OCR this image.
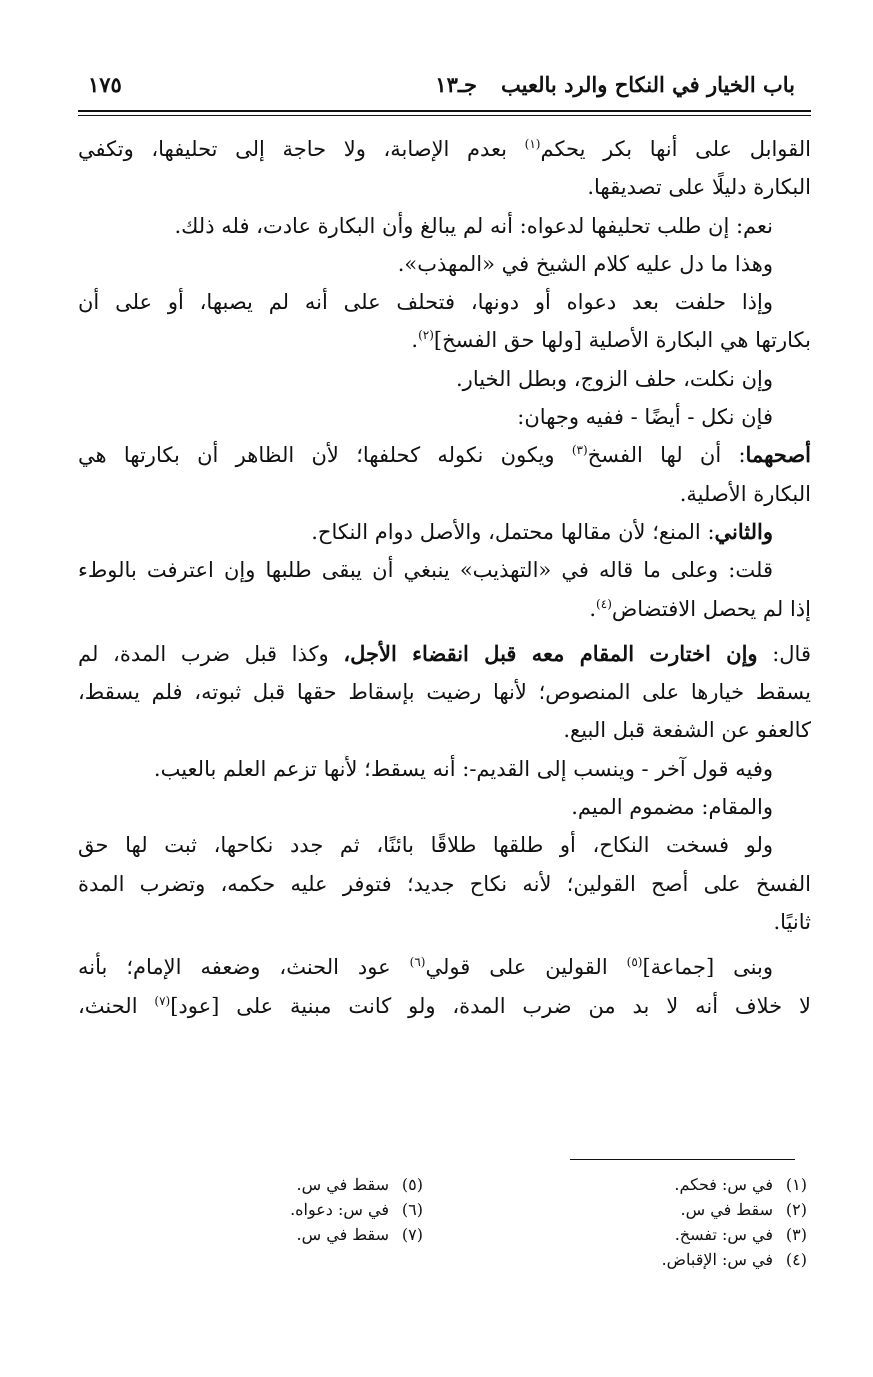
باب الخيار في النكاح والرد بالعيب
جـ١٣
١٧٥
القوابل على أنها بكر يحكم$^{(١)}$ بعدم الإصابة، ولا حاجة إلى تحليفها، وتكفي
البكارة دليلًا على تصديقها.
نعم: إن طلب تحليفها لدعواه: أنه لم يبالغ وأن البكارة عادت، فله ذلك.
وهذا ما دل عليه كلام الشيخ في «المهذب».
وإذا حلفت بعد دعواه أو دونها، فتحلف على أنه لم يصبها، أو على أن
بكارتها هي البكارة الأصلية [ولها حق الفسخ]$^{(٢)}$.
وإن نكلت، حلف الزوج، وبطل الخيار.
فإن نكل - أيضًا - ففيه وجهان:
أصحهما: أن لها الفسخ$^{(٣)}$ ويكون نكوله كحلفها؛ لأن الظاهر أن بكارتها هي
البكارة الأصلية.
والثاني: المنع؛ لأن مقالها محتمل، والأصل دوام النكاح.
قلت: وعلى ما قاله في «التهذيب» ينبغي أن يبقى طلبها وإن اعترفت بالوطء
إذا لم يحصل الافتضاض$^{(٤)}$.
قال: وإن اختارت المقام معه قبل انقضاء الأجل، وكذا قبل ضرب المدة، لم
يسقط خيارها على المنصوص؛ لأنها رضيت بإسقاط حقها قبل ثبوته، فلم يسقط،
كالعفو عن الشفعة قبل البيع.
وفيه قول آخر - وينسب إلى القديم-: أنه يسقط؛ لأنها تزعم العلم بالعيب.
والمقام: مضموم الميم.
ولو فسخت النكاح، أو طلقها طلاقًا بائنًا، ثم جدد نكاحها، ثبت لها حق
الفسخ على أصح القولين؛ لأنه نكاح جديد؛ فتوفر عليه حكمه، وتضرب المدة
ثانيًا.
وبنى [جماعة]$^{(٥)}$ القولين على قولي$^{(٦)}$ عود الحنث، وضعفه الإمام؛ بأنه
لا خلاف أنه لا بد من ضرب المدة، ولو كانت مبنية على [عود]$^{(٧)}$ الحنث،
(١)في س: فحكم.
(٢)سقط في س.
(٣)في س: تفسخ.
(٤)في س: الإقباض.
(٥)سقط في س.
(٦)في س: دعواه.
(٧)سقط في س.
